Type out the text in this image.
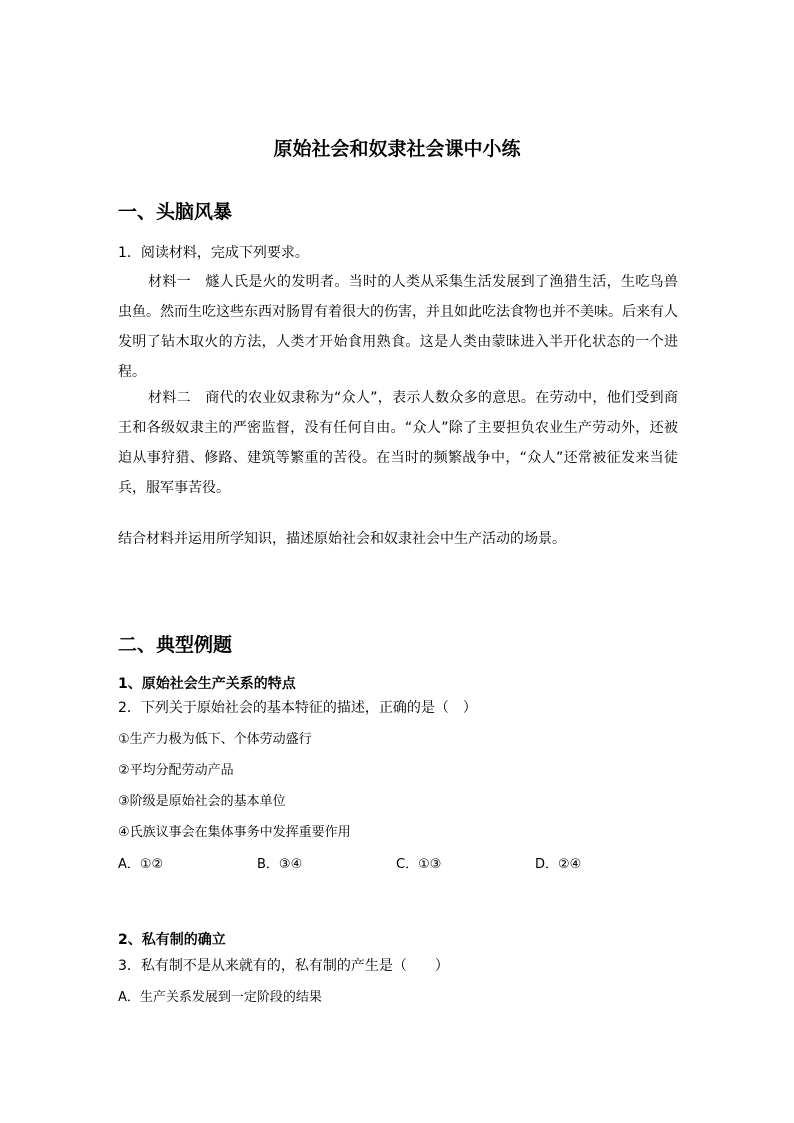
原始社会和奴隶社会课中小练
一、头脑风暴
1．阅读材料，完成下列要求。
材料一　燧人氏是火的发明者。当时的人类从采集生活发展到了渔猎生活，生吃鸟兽虫鱼。然而生吃这些东西对肠胃有着很大的伤害，并且如此吃法食物也并不美味。后来有人发明了钻木取火的方法，人类才开始食用熟食。这是人类由蒙昧进入半开化状态的一个进程。
材料二　商代的农业奴隶称为“众人”，表示人数众多的意思。在劳动中，他们受到商王和各级奴隶主的严密监督，没有任何自由。“众人”除了主要担负农业生产劳动外，还被迫从事狩猎、修路、建筑等繁重的苦役。在当时的频繁战争中，“众人”还常被征发来当徒兵，服军事苦役。
结合材料并运用所学知识，描述原始社会和奴隶社会中生产活动的场景。
二、典型例题
1、原始社会生产关系的特点
2．下列关于原始社会的基本特征的描述，正确的是（　）
①生产力极为低下、个体劳动盛行
②平均分配劳动产品
③阶级是原始社会的基本单位
④氏族议事会在集体事务中发挥重要作用
A．①②	B．③④	C．①③	D．②④
2、私有制的确立
3．私有制不是从来就有的，私有制的产生是（　　）
A．生产关系发展到一定阶段的结果
